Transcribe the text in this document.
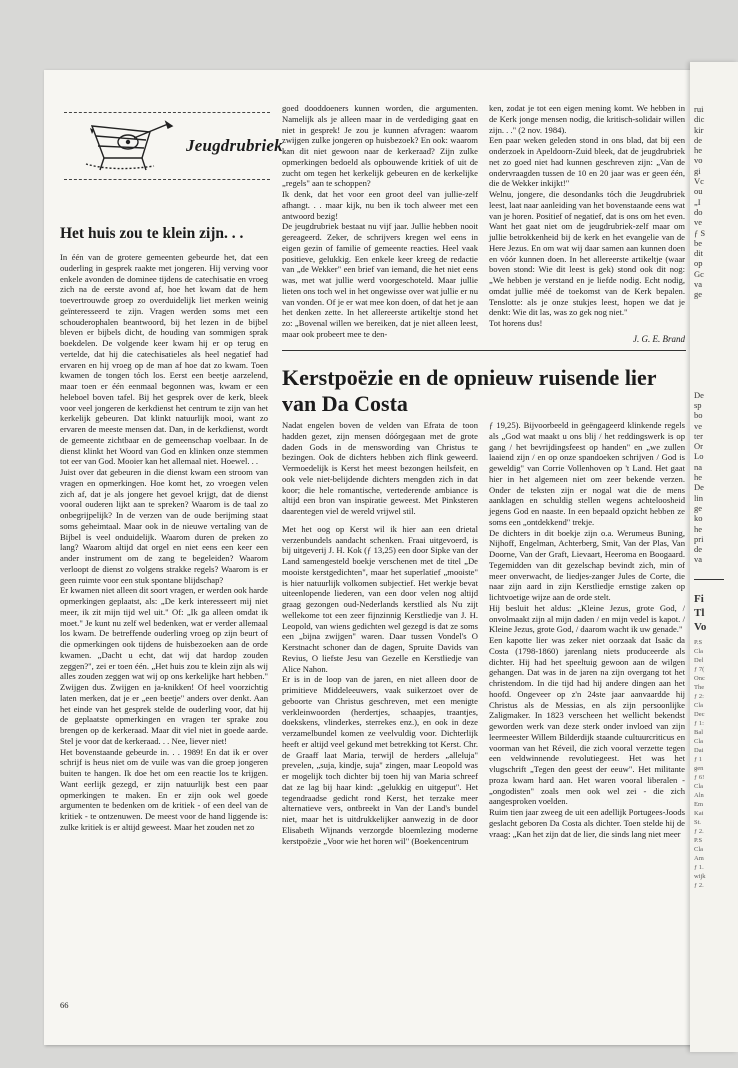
rui
dic
kir
de
he
vo
gi
Vc
ou
„I
do
ve
ƒ S
be
dit
op
Gc
va
ge
De
sp
bo
ve
ter
Or
Lo
na
he
De
lin
ge
ko
he
pri
de
va
Fi
Tl
Vo
P.S
Cla
Del
ƒ 7(
Onc
The
ƒ 2:
Cla
Dec
ƒ 1:
Bal
Cla
Dai
ƒ 1
gen
ƒ 6!
Cla
Aln
Em
Kai
St.
ƒ 2.
P.S
Cla
Am
ƒ 1.
wijk
ƒ 2.
Jeugdrubriek
Het huis zou te klein zijn. . .

In één van de grotere gemeenten gebeurde het, dat een ouderling in gesprek raakte met jongeren. Hij verving voor enkele avonden de dominee tijdens de catechisatie en vroeg zich na de eerste avond af, hoe het kwam dat de hem toevertrouwde groep zo overduidelijk liet merken weinig geïnteresseerd te zijn. Vragen werden soms met een schouderophalen beantwoord, bij het lezen in de bijbel bleven er bijbels dicht, de houding van sommigen sprak boekdelen. De volgende keer kwam hij er op terug en vertelde, dat hij die catechisatieles als heel negatief had ervaren en hij vroeg op de man af hoe dat zo kwam. Toen kwamen de tongen tóch los. Eerst een beetje aarzelend, maar toen er één eenmaal begonnen was, kwam er een heleboel boven tafel. Bij het gesprek over de kerk, bleek voor veel jongeren de kerkdienst het centrum te zijn van het kerkelijk gebeuren. Dat klinkt natuurlijk mooi, want zo ervaren de meeste mensen dat. Dan, in de kerkdienst, wordt de gemeente zichtbaar en de gemeenschap voelbaar. In de dienst klinkt het Woord van God en klinken onze stemmen tot eer van God. Mooier kan het allemaal niet. Hoewel. . .

Juist over dat gebeuren in die dienst kwam een stroom van vragen en opmerkingen. Hoe komt het, zo vroegen velen zich af, dat je als jongere het gevoel krijgt, dat de dienst vooral ouderen lijkt aan te spreken? Waarom is de taal zo onbegrijpelijk? In de verzen van de oude berijming staat soms geheimtaal. Maar ook in de nieuwe vertaling van de Bijbel is veel onduidelijk. Waarom duren de preken zo lang? Waarom altijd dat orgel en niet eens een keer een ander instrument om de zang te begeleiden? Waarom verloopt de dienst zo volgens strakke regels? Waarom is er geen ruimte voor een stuk spontane blijdschap?

Er kwamen niet alleen dit soort vragen, er werden ook harde opmerkingen geplaatst, als: „De kerk interesseert mij niet meer, ik zit mijn tijd wel uit." Of: „Ik ga alleen omdat ik moet." Je kunt nu zelf wel bedenken, wat er verder allemaal los kwam. De betreffende ouderling vroeg op zijn beurt of die opmerkingen ook tijdens de huisbezoeken aan de orde kwamen. „Dacht u echt, dat wij dat hardop zouden zeggen?", zei er toen één. „Het huis zou te klein zijn als wij alles zouden zeggen wat wij op ons kerkelijke hart hebben." Zwijgen dus. Zwijgen en ja-knikken! Of heel voorzichtig laten merken, dat je er „een beetje" anders over denkt. Aan het einde van het gesprek stelde de ouderling voor, dat hij de geplaatste opmerkingen en vragen ter sprake zou brengen op de kerkeraad. Maar dit viel niet in goede aarde. Stel je voor dat de kerkeraad. . . Nee, liever niet!

Het bovenstaande gebeurde in. . . 1989! En dat ik er over schrijf is heus niet om de vuile was van die groep jongeren buiten te hangen. Ik doe het om een reactie los te krijgen. Want eerlijk gezegd, er zijn natuurlijk best een paar opmerkingen te maken. En er zijn ook wel goede argumenten te bedenken om de kritiek - of een deel van de kritiek - te ontzenuwen. De meest voor de hand liggende is: zulke kritiek is er altijd geweest. Maar het zouden net zo

goed dooddoeners kunnen worden, die argumenten. Namelijk als je alleen maar in de verdediging gaat en niet in gesprek! Je zou je kunnen afvragen: waarom zwijgen zulke jongeren op huisbezoek? En ook: waarom kan dit niet gewoon naar de kerkeraad? Zijn zulke opmerkingen bedoeld als opbouwende kritiek of uit de zucht om tegen het kerkelijk gebeuren en de kerkelijke „regels" aan te schoppen?

Ik denk, dat het voor een groot deel van jullie-zelf afhangt. . . maar kijk, nu ben ik toch alweer met een antwoord bezig!

De jeugdrubriek bestaat nu vijf jaar. Jullie hebben nooit gereageerd. Zeker, de schrijvers kregen wel eens in eigen gezin of familie of gemeente reacties. Heel vaak positieve, gelukkig. Een enkele keer kreeg de redactie van „de Wekker" een brief van iemand, die het niet eens was, met wat jullie werd voorgeschoteld. Maar jullie lieten ons toch wel in het ongewisse over wat jullie er nu van vonden. Of je er wat mee kon doen, of dat het je aan het denken zette. In het allereerste artikeltje stond het zo: „Bovenal willen we bereiken, dat je niet alleen leest, maar ook probeert mee te den-

ken, zodat je tot een eigen mening komt. We hebben in de Kerk jonge mensen nodig, die kritisch-solidair willen zijn. . ." (2 nov. 1984).

Een paar weken geleden stond in ons blad, dat bij een onderzoek in Apeldoorn-Zuid bleek, dat de jeugdrubriek net zo goed niet had kunnen geschreven zijn: „Van de ondervraagden tussen de 10 en 20 jaar was er geen één, die de Wekker inkijkt!"

Welnu, jongere, die desondanks tóch die Jeugdrubriek leest, laat naar aanleiding van het bovenstaande eens wat van je horen. Positief of negatief, dat is ons om het even. Want het gaat niet om de jeugdrubriek-zelf maar om jullie betrokkenheid bij de kerk en het evangelie van de Here Jezus. En om wat wij daar samen aan kunnen doen en vóór kunnen doen. In het allereerste artikeltje (waar boven stond: Wie dit leest is gek) stond ook dit nog: „We hebben je verstand en je liefde nodig. Echt nodig, omdat jullie méé de toekomst van de Kerk bepalen. Tenslotte: als je onze stukjes leest, hopen we dat je denkt: Wie dit las, was zo gek nog niet."

Tot horens dus!

J. G. E. Brand
Kerstpoëzie en de opnieuw ruisende lier van Da Costa

Nadat engelen boven de velden van Efrata de toon hadden gezet, zijn mensen dóórgegaan met de grote daden Gods in de menswording van Christus te bezingen. Ook de dichters hebben zich flink geweerd. Vermoedelijk is Kerst het meest bezongen heilsfeit, en ook vele niet-belijdende dichters mengden zich in dat koor; die hele romantische, vertederende ambiance is altijd een bron van inspiratie geweest. Met Pinksteren daarentegen viel de wereld vrijwel stil.

Met het oog op Kerst wil ik hier aan een drietal verzenbundels aandacht schenken. Fraai uitgevoerd, is bij uitgeverij J. H. Kok (ƒ 13,25) een door Sipke van der Land samengesteld boekje verschenen met de titel „De mooiste kerstgedichten", maar het superlatief „mooiste" is hier natuurlijk volkomen subjectief. Het werkje bevat uiteenlopende liederen, van een door velen nog altijd graag gezongen oud-Nederlands kerstlied als Nu zijt wellekome tot een zeer fijnzinnig Kerstliedje van J. H. Leopold, van wiens gedichten wel gezegd is dat ze soms een „bijna zwijgen" waren. Daar tussen Vondel's O Kerstnacht schoner dan de dagen, Spruite Davids van Revius, O liefste Jesu van Gezelle en Kerstliedje van Alice Nahon.

Er is in de loop van de jaren, en niet alleen door de primitieve Middeleeuwers, vaak suikerzoet over de geboorte van Christus geschreven, met een menigte verkleinwoorden (herdertjes, schaapjes, traantjes, doekskens, vlinderkes, sterrekes enz.), en ook in deze verzamelbundel komen ze veelvuldig voor. Dichterlijk heeft er altijd veel gekund met betrekking tot Kerst. Chr. de Graaff laat Maria, terwijl de herders „alleluja" prevelen, „suja, kindje, suja" zingen, maar Leopold was er mogelijk toch dichter bij toen hij van Maria schreef dat ze lag bij haar kind: „gelukkig en uitgeput". Het tegendraadse gedicht rond Kerst, het terzake meer alternatieve vers, ontbreekt in Van der Land's bundel niet, maar het is uitdrukkelijker aanwezig in de door Elisabeth Wijnands verzorgde bloemlezing moderne kerstpoëzie „Voor wie het horen wil" (Boekencentrum

ƒ 19,25). Bijvoorbeeld in geëngageerd klinkende regels als „God wat maakt u ons blij / het reddingswerk is op gang / het bevrijdingsfeest op handen" en „we zullen laaiend zijn / en op onze spandoeken schrijven / God is geweldig" van Corrie Vollenhoven op 't Land. Het gaat hier in het algemeen niet om zeer bekende verzen. Onder de teksten zijn er nogal wat die de mens aanklagen en schuldig stellen wegens achteloosheid jegens God en naaste. In een bepaald opzicht hebben ze soms een „ontdekkend" trekje.

De dichters in dit boekje zijn o.a. Werumeus Buning, Nijhoff, Engelman, Achterberg, Smit, Van der Plas, Van Doorne, Van der Graft, Lievaart, Heeroma en Boogaard. Tegemidden van dit gezelschap bevindt zich, min of meer onverwacht, de liedjes-zanger Jules de Corte, die naar zijn aard in zijn Kerstliedje ernstige zaken op lichtvoetige wijze aan de orde stelt.

Hij besluit het aldus: „Kleine Jezus, grote God, / onvolmaakt zijn al mijn daden / en mijn vedel is kapot. / Kleine Jezus, grote God, / daarom wacht ik uw genade."

Een kapotte lier was zeker niet oorzaak dat Isaäc da Costa (1798-1860) jarenlang niets produceerde als dichter. Hij had het speeltuig gewoon aan de wilgen gehangen. Dat was in de jaren na zijn overgang tot het christendom. In die tijd had hij andere dingen aan het hoofd. Ongeveer op z'n 24ste jaar aanvaardde hij Christus als de Messias, en als zijn persoonlijke Zaligmaker. In 1823 verscheen het wellicht bekendst geworden werk van deze sterk onder invloed van zijn leermeester Willem Bilderdijk staande cultuurcriticus en voorman van het Réveil, die zich vooral verzette tegen een veldwinnende revolutiegeest. Het was het vlugschrift „Tegen den geest der eeuw". Het militante proza kwam hard aan. Het waren vooral liberalen - „ongodisten" zoals men ook wel zei - die zich aangesproken voelden.

Ruim tien jaar zweeg de uit een adellijk Portugees-Joods geslacht geboren Da Costa als dichter. Toen stelde hij de vraag: „Kan het zijn dat de lier, die sinds lang niet meer

66
